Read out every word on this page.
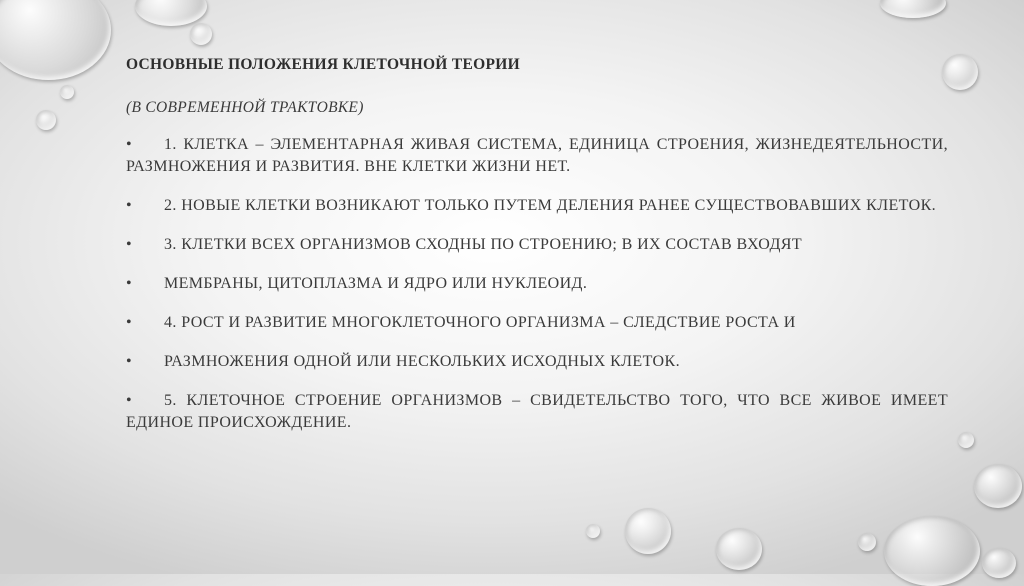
ОСНОВНЫЕ ПОЛОЖЕНИЯ КЛЕТОЧНОЙ ТЕОРИИ
(В СОВРЕМЕННОЙ ТРАКТОВКЕ)
• 1. КЛЕТКА – ЭЛЕМЕНТАРНАЯ ЖИВАЯ СИСТЕМА, ЕДИНИЦА СТРОЕНИЯ, ЖИЗНЕДЕЯТЕЛЬНОСТИ, РАЗМНОЖЕНИЯ И РАЗВИТИЯ. ВНЕ КЛЕТКИ ЖИЗНИ НЕТ.
• 2. НОВЫЕ КЛЕТКИ ВОЗНИКАЮТ ТОЛЬКО ПУТЕМ ДЕЛЕНИЯ РАНЕЕ СУЩЕСТВОВАВШИХ КЛЕТОК.
• 3. КЛЕТКИ ВСЕХ ОРГАНИЗМОВ СХОДНЫ ПО СТРОЕНИЮ; В ИХ СОСТАВ ВХОДЯТ
• МЕМБРАНЫ, ЦИТОПЛАЗМА И ЯДРО ИЛИ НУКЛЕОИД.
• 4. РОСТ И РАЗВИТИЕ МНОГОКЛЕТОЧНОГО ОРГАНИЗМА – СЛЕДСТВИЕ РОСТА И
• РАЗМНОЖЕНИЯ ОДНОЙ ИЛИ НЕСКОЛЬКИХ ИСХОДНЫХ КЛЕТОК.
• 5. КЛЕТОЧНОЕ СТРОЕНИЕ ОРГАНИЗМОВ – СВИДЕТЕЛЬСТВО ТОГО, ЧТО ВСЕ ЖИВОЕ ИМЕЕТ ЕДИНОЕ ПРОИСХОЖДЕНИЕ.
